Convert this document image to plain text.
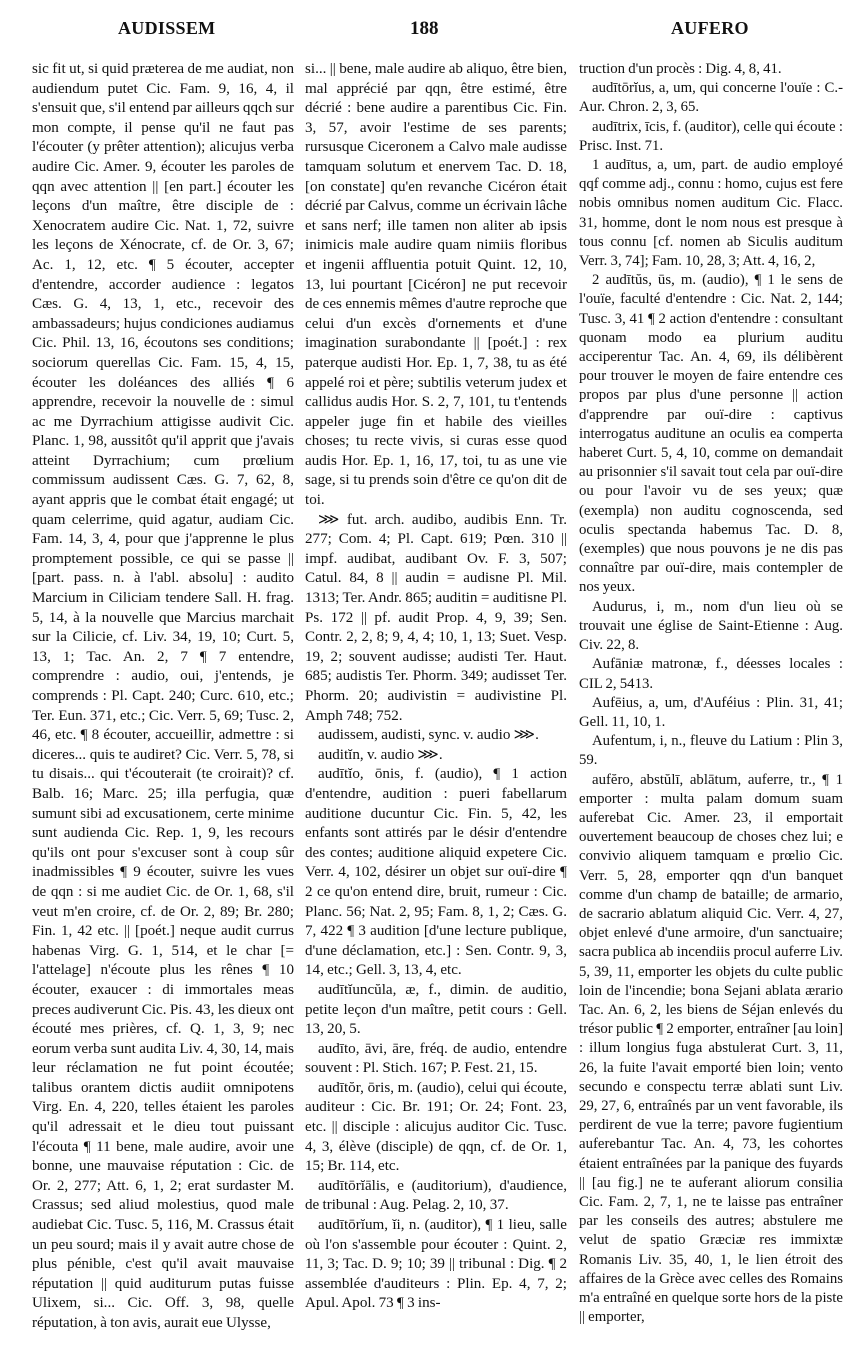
AUDISSEM	188	AUFERO

sic fit ut, si quid præterea de me audiat, non audiendum putet Cic. Fam. 9, 16, 4, il s'ensuit que, s'il entend par ailleurs qqch sur mon compte, il pense qu'il ne faut pas l'écouter (y prêter attention); alicujus verba audire Cic. Amer. 9, écouter les paroles de qqn avec attention || [en part.] écouter les leçons d'un maître, être disciple de : Xenocratem audire Cic. Nat. 1, 72, suivre les leçons de Xénocrate, cf. de Or. 3, 67; Ac. 1, 12, etc. ¶ 5 écouter, accepter d'entendre, accorder audience : legatos Cæs. G. 4, 13, 1, etc., recevoir des ambassadeurs; hujus condiciones audiamus Cic. Phil. 13, 16, écoutons ses conditions; sociorum querellas Cic. Fam. 15, 4, 15, écouter les doléances des alliés ¶ 6 apprendre, recevoir la nouvelle de : simul ac me Dyrrachium attigisse audivit Cic. Planc. 1, 98, aussitôt qu'il apprit que j'avais atteint Dyrrachium; cum prœlium commissum audissent Cæs. G. 7, 62, 8, ayant appris que le combat était engagé; ut quam celerrime, quid agatur, audiam Cic. Fam. 14, 3, 4, pour que j'apprenne le plus promptement possible, ce qui se passe || [part. pass. n. à l'abl. absolu] : audito Marcium in Ciliciam tendere Sall. H. frag. 5, 14, à la nouvelle que Marcius marchait sur la Cilicie, cf. Liv. 34, 19, 10; Curt. 5, 13, 1; Tac. An. 2, 7 ¶ 7 entendre, comprendre : audio, oui, j'entends, je comprends : Pl. Capt. 240; Curc. 610, etc.; Ter. Eun. 371, etc.; Cic. Verr. 5, 69; Tusc. 2, 46, etc. ¶ 8 écouter, accueillir, admettre : si diceres... quis te audiret? Cic. Verr. 5, 78, si tu disais... qui t'écouterait (te croirait)? cf. Balb. 16; Marc. 25; illa perfugia, quæ sumunt sibi ad excusationem, certe minime sunt audienda Cic. Rep. 1, 9, les recours qu'ils ont pour s'excuser sont à coup sûr inadmissibles ¶ 9 écouter, suivre les vues de qqn : si me audiet Cic. de Or. 1, 68, s'il veut m'en croire, cf. de Or. 2, 89; Br. 280; Fin. 1, 42 etc. || [poét.] neque audit currus habenas Virg. G. 1, 514, et le char [= l'attelage] n'écoute plus les rênes ¶ 10 écouter, exaucer : di immortales meas preces audiverunt Cic. Pis. 43, les dieux ont écouté mes prières, cf. Q. 1, 3, 9; nec eorum verba sunt audita Liv. 4, 30, 14, mais leur réclamation ne fut point écoutée; talibus orantem dictis audiit omnipotens Virg. En. 4, 220, telles étaient les paroles qu'il adressait et le dieu tout puissant l'écouta ¶ 11 bene, male audire, avoir une bonne, une mauvaise réputation : Cic. de Or. 2, 277; Att. 6, 1, 2; erat surdaster M. Crassus; sed aliud molestius, quod male audiebat Cic. Tusc. 5, 116, M. Crassus était un peu sourd; mais il y avait autre chose de plus pénible, c'est qu'il avait mauvaise réputation || quid auditurum putas fuisse Ulixem, si... Cic. Off. 3, 98, quelle réputation, à ton avis, aurait eue Ulysse,

si... || bene, male audire ab aliquo, être bien, mal apprécié par qqn, être estimé, être décrié : bene audire a parentibus Cic. Fin. 3, 57, avoir l'estime de ses parents; rursusque Ciceronem a Calvo male audisse tamquam solutum et enervem Tac. D. 18, [on constate] qu'en revanche Cicéron était décrié par Calvus, comme un écrivain lâche et sans nerf; ille tamen non aliter ab ipsis inimicis male audire quam nimiis floribus et ingenii affluentia potuit Quint. 12, 10, 13, lui pourtant [Cicéron] ne put recevoir de ces ennemis mêmes d'autre reproche que celui d'un excès d'ornements et d'une imagination surabondante || [poét.] : rex paterque audisti Hor. Ep. 1, 7, 38, tu as été appelé roi et père; subtilis veterum judex et callidus audis Hor. S. 2, 7, 101, tu t'entends appeler juge fin et habile des vieilles choses; tu recte vivis, si curas esse quod audis Hor. Ep. 1, 16, 17, toi, tu as une vie sage, si tu prends soin d'être ce qu'on dit de toi.

⋙ fut. arch. audibo, audibis Enn. Tr. 277; Com. 4; Pl. Capt. 619; Pœn. 310 || impf. audibat, audibant Ov. F. 3, 507; Catul. 84, 8 || audin = audisne Pl. Mil. 1313; Ter. Andr. 865; auditin = auditisne Pl. Ps. 172 || pf. audit Prop. 4, 9, 39; Sen. Contr. 2, 2, 8; 9, 4, 4; 10, 1, 13; Suet. Vesp. 19, 2; souvent audisse; audisti Ter. Haut. 685; audistis Ter. Phorm. 349; audisset Ter. Phorm. 20; audivistin = audivistine Pl. Amph 748; 752.

audissem, audisti, sync. v. audio ⋙.

auditĭn, v. audio ⋙.

audītĭo, ōnis, f. (audio), ¶ 1 action d'entendre, audition : pueri fabellarum auditione ducuntur Cic. Fin. 5, 42, les enfants sont attirés par le désir d'entendre des contes; auditione aliquid expetere Cic. Verr. 4, 102, désirer un objet sur ouï-dire ¶ 2 ce qu'on entend dire, bruit, rumeur : Cic. Planc. 56; Nat. 2, 95; Fam. 8, 1, 2; Cæs. G. 7, 422 ¶ 3 audition [d'une lecture publique, d'une déclamation, etc.] : Sen. Contr. 9, 3, 14, etc.; Gell. 3, 13, 4, etc.

audītĭuncŭla, æ, f., dimin. de auditio, petite leçon d'un maître, petit cours : Gell. 13, 20, 5.

audīto, āvi, āre, fréq. de audio, entendre souvent : Pl. Stich. 167; P. Fest. 21, 15.

audītŏr, ōris, m. (audio), celui qui écoute, auditeur : Cic. Br. 191; Or. 24; Font. 23, etc. || disciple : alicujus auditor Cic. Tusc. 4, 3, élève (disciple) de qqn, cf. de Or. 1, 15; Br. 114, etc.

audītōrĭālis, e (auditorium), d'audience, de tribunal : Aug. Pelag. 2, 10, 37.

audītōrĭum, ĭi, n. (auditor), ¶ 1 lieu, salle où l'on s'assemble pour écouter : Quint. 2, 11, 3; Tac. D. 9; 10; 39 || tribunal : Dig. ¶ 2 assemblée d'auditeurs : Plin. Ep. 4, 7, 2; Apul. Apol. 73 ¶ 3 ins-

truction d'un procès : Dig. 4, 8, 41.

audītōrĭus, a, um, qui concerne l'ouïe : C.-Aur. Chron. 2, 3, 65.

audītrix, īcis, f. (auditor), celle qui écoute : Prisc. Inst. 71.

1 audītus, a, um, part. de audio employé qqf comme adj., connu : homo, cujus est fere nobis omnibus nomen auditum Cic. Flacc. 31, homme, dont le nom nous est presque à tous connu [cf. nomen ab Siculis auditum Verr. 3, 74]; Fam. 10, 28, 3; Att. 4, 16, 2,

2 audītŭs, ūs, m. (audio), ¶ 1 le sens de l'ouïe, faculté d'entendre : Cic. Nat. 2, 144; Tusc. 3, 41 ¶ 2 action d'entendre : consultant quonam modo ea plurium auditu acciperentur Tac. An. 4, 69, ils délibèrent pour trouver le moyen de faire entendre ces propos par plus d'une personne || action d'apprendre par ouï-dire : captivus interrogatus auditune an oculis ea comperta haberet Curt. 5, 4, 10, comme on demandait au prisonnier s'il savait tout cela par ouï-dire ou pour l'avoir vu de ses yeux; quæ (exempla) non auditu cognoscenda, sed oculis spectanda habemus Tac. D. 8, (exemples) que nous pouvons je ne dis pas connaître par ouï-dire, mais contempler de nos yeux.

Audurus, i, m., nom d'un lieu où se trouvait une église de Saint-Etienne : Aug. Civ. 22, 8.

Aufāniæ matronæ, f., déesses locales : CIL 2, 5413.

Aufēius, a, um, d'Auféius : Plin. 31, 41; Gell. 11, 10, 1.

Aufentum, i, n., fleuve du Latium : Plin 3, 59.

aufĕro, abstŭlī, ablātum, auferre, tr., ¶ 1 emporter : multa palam domum suam auferebat Cic. Amer. 23, il emportait ouvertement beaucoup de choses chez lui; e convivio aliquem tamquam e prœlio Cic. Verr. 5, 28, emporter qqn d'un banquet comme d'un champ de bataille; de armario, de sacrario ablatum aliquid Cic. Verr. 4, 27, objet enlevé d'une armoire, d'un sanctuaire; sacra publica ab incendiis procul auferre Liv. 5, 39, 11, emporter les objets du culte public loin de l'incendie; bona Sejani ablata ærario Tac. An. 6, 2, les biens de Séjan enlevés du trésor public ¶ 2 emporter, entraîner [au loin] : illum longius fuga abstulerat Curt. 3, 11, 26, la fuite l'avait emporté bien loin; vento secundo e conspectu terræ ablati sunt Liv. 29, 27, 6, entraînés par un vent favorable, ils perdirent de vue la terre; pavore fugientium auferebantur Tac. An. 4, 73, les cohortes étaient entraînées par la panique des fuyards || [au fig.] ne te auferant aliorum consilia Cic. Fam. 2, 7, 1, ne te laisse pas entraîner par les conseils des autres; abstulere me velut de spatio Græciæ res immixtæ Romanis Liv. 35, 40, 1, le lien étroit des affaires de la Grèce avec celles des Romains m'a entraîné en quelque sorte hors de la piste || emporter,
